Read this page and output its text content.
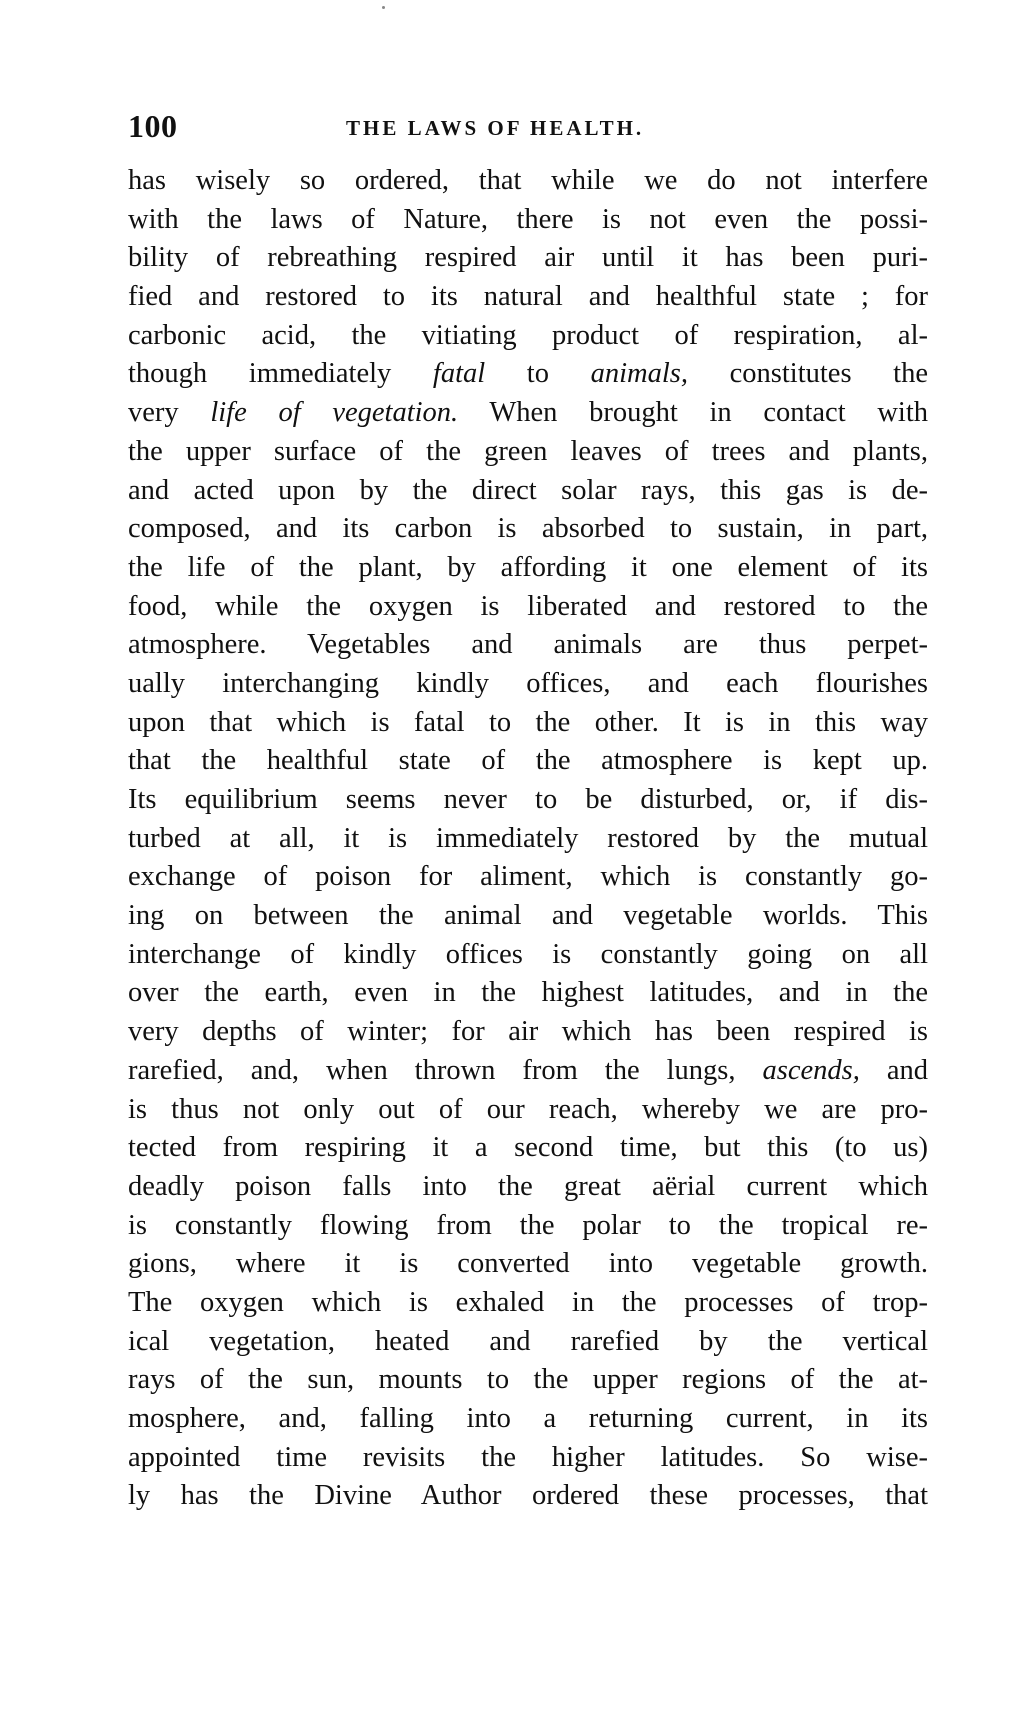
100	THE LAWS OF HEALTH.
has wisely so ordered, that while we do not interfere
with the laws of Nature, there is not even the possi-
bility of rebreathing respired air until it has been puri-
fied and restored to its natural and healthful state ; for
carbonic acid, the vitiating product of respiration, al-
though immediately fatal to animals, constitutes the
very life of vegetation. When brought in contact with
the upper surface of the green leaves of trees and plants,
and acted upon by the direct solar rays, this gas is de-
composed, and its carbon is absorbed to sustain, in part,
the life of the plant, by affording it one element of its
food, while the oxygen is liberated and restored to the
atmosphere. Vegetables and animals are thus perpet-
ually interchanging kindly offices, and each flourishes
upon that which is fatal to the other. It is in this way
that the healthful state of the atmosphere is kept up.
Its equilibrium seems never to be disturbed, or, if dis-
turbed at all, it is immediately restored by the mutual
exchange of poison for aliment, which is constantly go-
ing on between the animal and vegetable worlds. This
interchange of kindly offices is constantly going on all
over the earth, even in the highest latitudes, and in the
very depths of winter; for air which has been respired is
rarefied, and, when thrown from the lungs, ascends, and
is thus not only out of our reach, whereby we are pro-
tected from respiring it a second time, but this (to us)
deadly poison falls into the great aërial current which
is constantly flowing from the polar to the tropical re-
gions, where it is converted into vegetable growth.
The oxygen which is exhaled in the processes of trop-
ical vegetation, heated and rarefied by the vertical
rays of the sun, mounts to the upper regions of the at-
mosphere, and, falling into a returning current, in its
appointed time revisits the higher latitudes. So wise-
ly has the Divine Author ordered these processes, that
